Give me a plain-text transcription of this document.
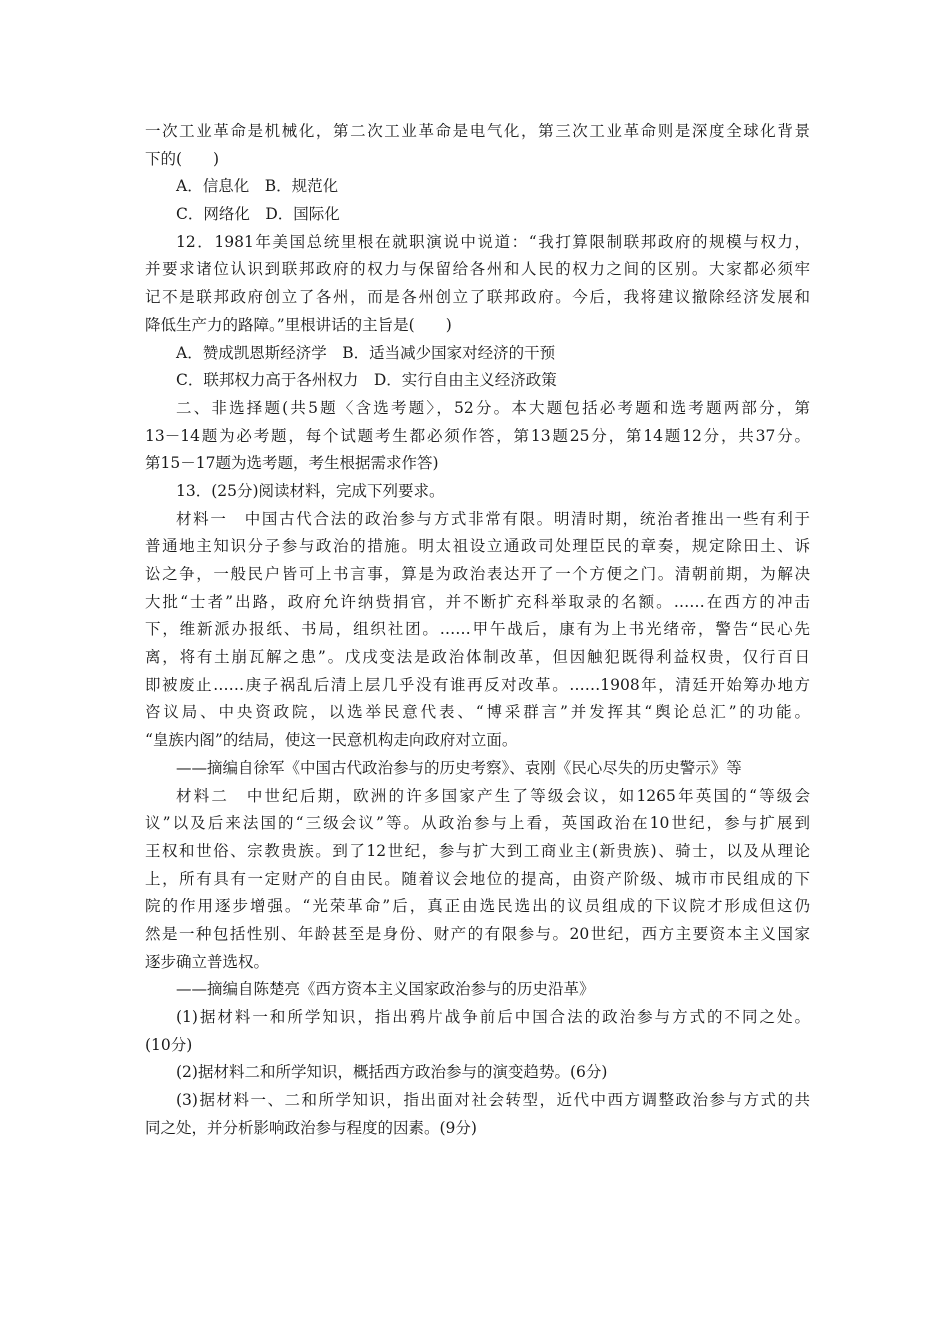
一次工业革命是机械化，第二次工业革命是电气化，第三次工业革命则是深度全球化背景
下的(　　)
A．信息化　B．规范化
C．网络化　D．国际化
12．1981年美国总统里根在就职演说中说道：“我打算限制联邦政府的规模与权力，
并要求诸位认识到联邦政府的权力与保留给各州和人民的权力之间的区别。大家都必须牢
记不是联邦政府创立了各州，而是各州创立了联邦政府。今后，我将建议撤除经济发展和
降低生产力的路障。”里根讲话的主旨是(　　)
A．赞成凯恩斯经济学　B．适当减少国家对经济的干预
C．联邦权力高于各州权力　D．实行自由主义经济政策
二、非选择题(共5题〈含选考题〉，52分。本大题包括必考题和选考题两部分，第
13－14题为必考题，每个试题考生都必须作答，第13题25分，第14题12分，共37分。
第15－17题为选考题，考生根据需求作答)
13．(25分)阅读材料，完成下列要求。
材料一　中国古代合法的政治参与方式非常有限。明清时期，统治者推出一些有利于
普通地主知识分子参与政治的措施。明太祖设立通政司处理臣民的章奏，规定除田土、诉
讼之争，一般民户皆可上书言事，算是为政治表达开了一个方便之门。清朝前期，为解决
大批“士者”出路，政府允许纳赀捐官，并不断扩充科举取录的名额。……在西方的冲击
下，维新派办报纸、书局，组织社团。……甲午战后，康有为上书光绪帝，警告“民心先
离，将有土崩瓦解之患”。戊戌变法是政治体制改革，但因触犯既得利益权贵，仅行百日
即被废止……庚子祸乱后清上层几乎没有谁再反对改革。……1908年，清廷开始筹办地方
咨议局、中央资政院，以选举民意代表、“博采群言”并发挥其“舆论总汇”的功能。
“皇族内阁”的结局，使这一民意机构走向政府对立面。
——摘编自徐军《中国古代政治参与的历史考察》、袁刚《民心尽失的历史警示》等
材料二　中世纪后期，欧洲的许多国家产生了等级会议，如1265年英国的“等级会
议”以及后来法国的“三级会议”等。从政治参与上看，英国政治在10世纪，参与扩展到
王权和世俗、宗教贵族。到了12世纪，参与扩大到工商业主(新贵族)、骑士，以及从理论
上，所有具有一定财产的自由民。随着议会地位的提高，由资产阶级、城市市民组成的下
院的作用逐步增强。“光荣革命”后，真正由选民选出的议员组成的下议院才形成但这仍
然是一种包括性别、年龄甚至是身份、财产的有限参与。20世纪，西方主要资本主义国家
逐步确立普选权。
——摘编自陈楚亮《西方资本主义国家政治参与的历史沿革》
(1)据材料一和所学知识，指出鸦片战争前后中国合法的政治参与方式的不同之处。
(10分)
(2)据材料二和所学知识，概括西方政治参与的演变趋势。(6分)
(3)据材料一、二和所学知识，指出面对社会转型，近代中西方调整政治参与方式的共
同之处，并分析影响政治参与程度的因素。(9分)
